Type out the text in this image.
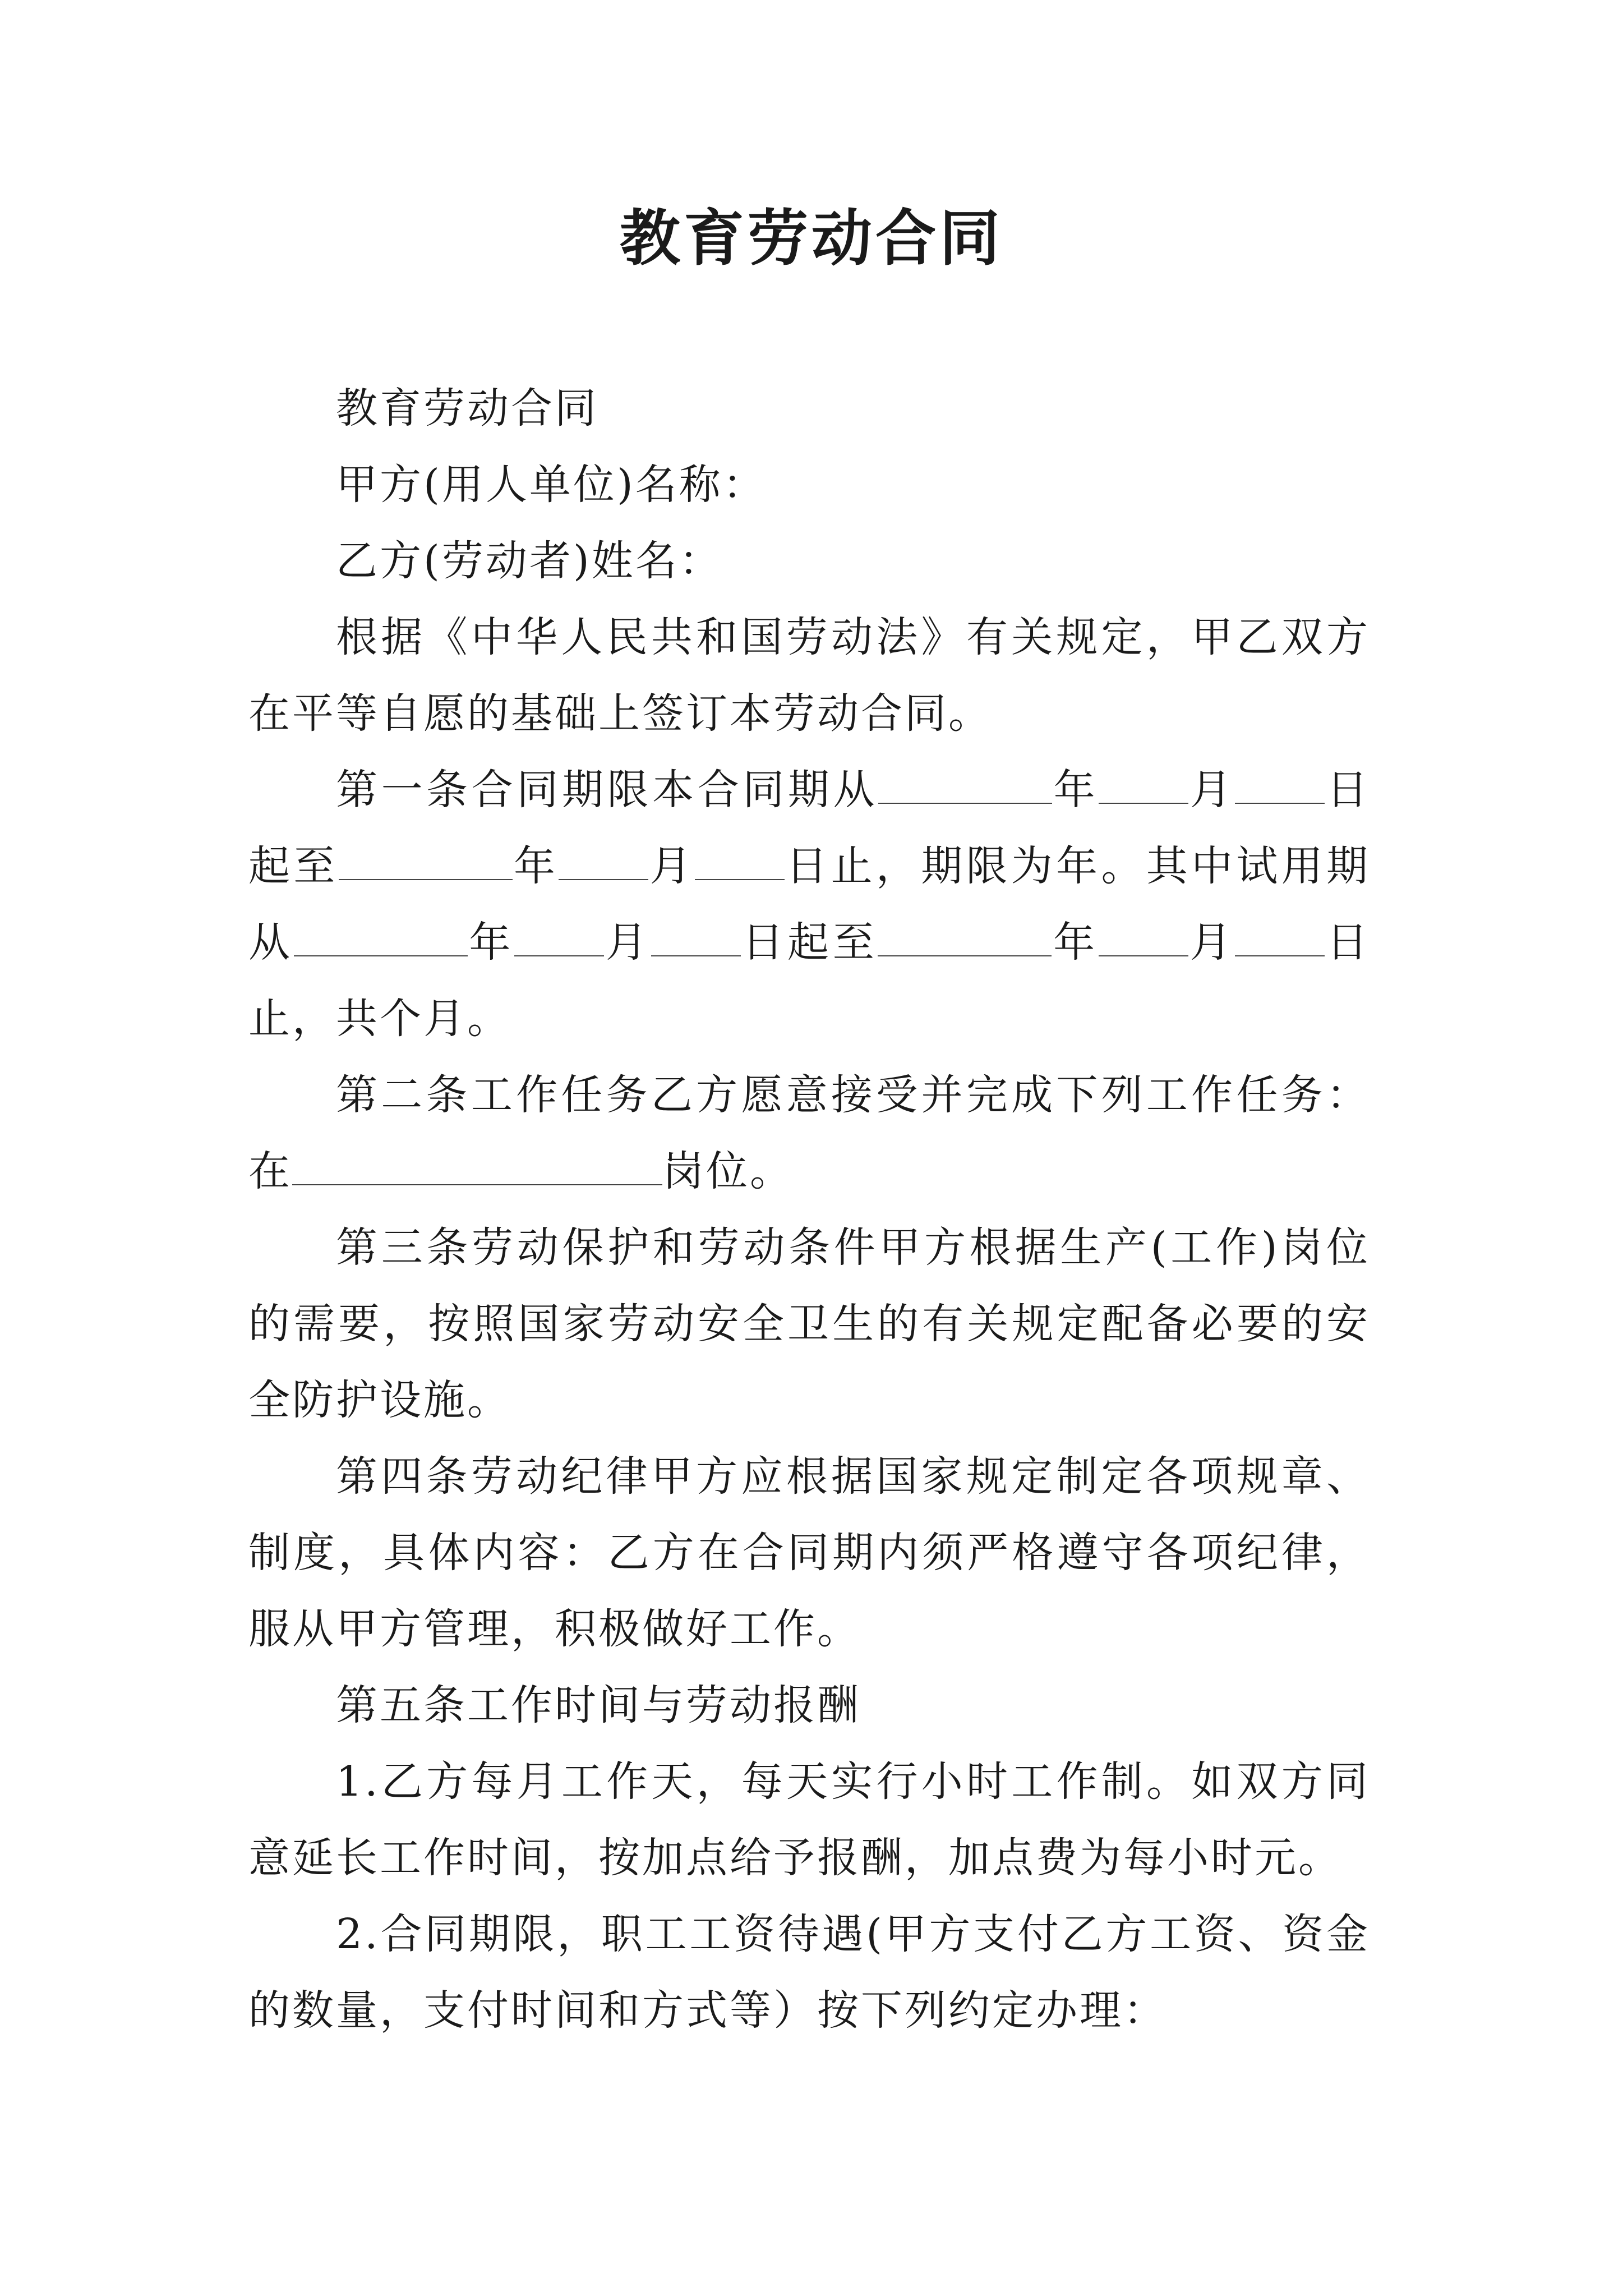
教育劳动合同

教育劳动合同

甲方(用人单位)名称：

乙方(劳动者)姓名：

根据《中华人民共和国劳动法》有关规定，甲乙双方在平等自愿的基础上签订本劳动合同。

第一条合同期限本合同期从	年 月 日起至	年 月 日止，期限为年。其中试用期从	年 月 日起至	年 月 日止，共个月。

第二条工作任务乙方愿意接受并完成下列工作任务：在	岗位。

第三条劳动保护和劳动条件甲方根据生产(工作)岗位的需要，按照国家劳动安全卫生的有关规定配备必要的安全防护设施。

第四条劳动纪律甲方应根据国家规定制定各项规章、制度，具体内容：乙方在合同期内须严格遵守各项纪律，服从甲方管理，积极做好工作。

第五条工作时间与劳动报酬

1.乙方每月工作天，每天实行小时工作制。如双方同意延长工作时间，按加点给予报酬，加点费为每小时元。

2.合同期限，职工工资待遇(甲方支付乙方工资、资金的数量，支付时间和方式等）按下列约定办理：
